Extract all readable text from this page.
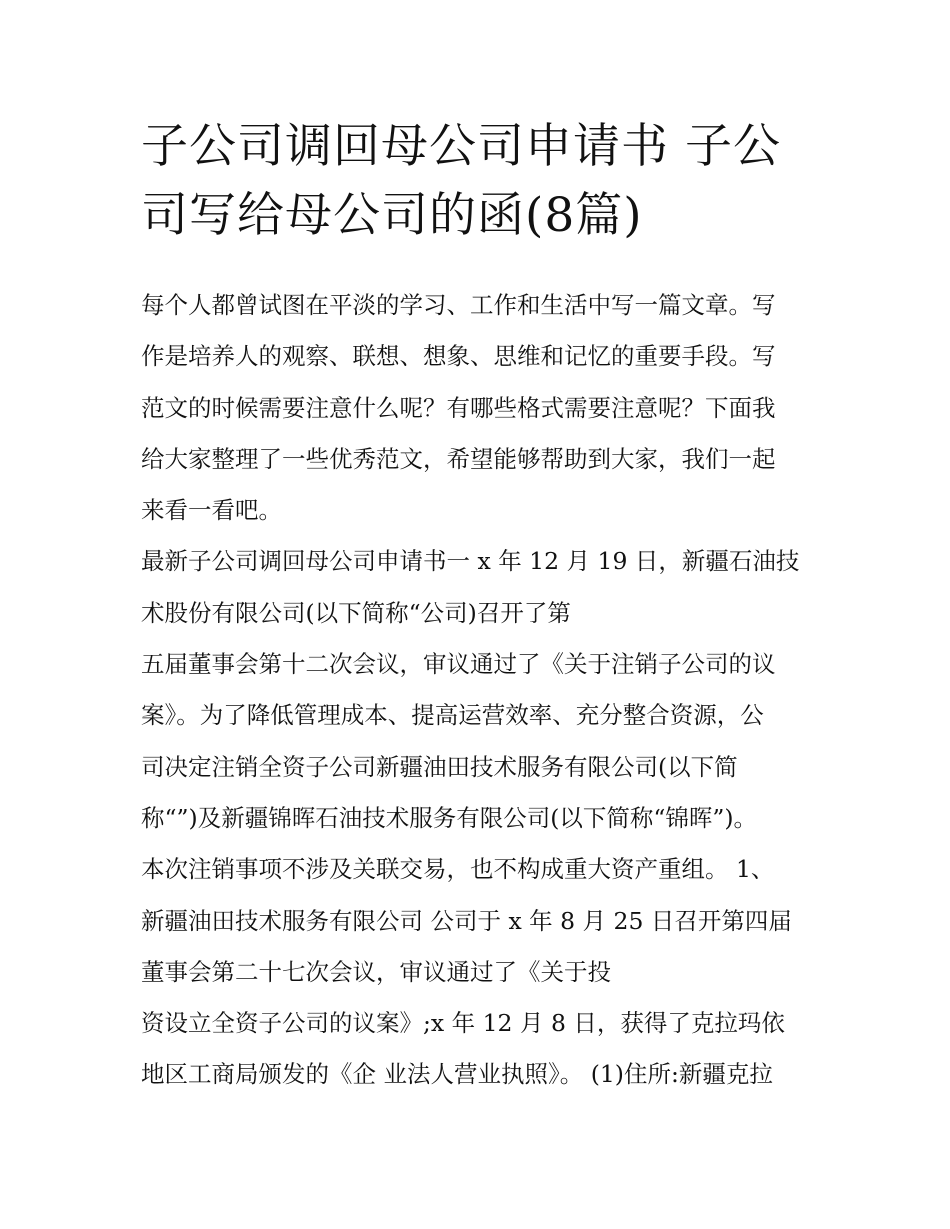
子公司调回母公司申请书 子公
司写给母公司的函(8篇)
每个人都曾试图在平淡的学习、工作和生活中写一篇文章。写
作是培养人的观察、联想、想象、思维和记忆的重要手段。写
范文的时候需要注意什么呢？有哪些格式需要注意呢？下面我
给大家整理了一些优秀范文，希望能够帮助到大家，我们一起
来看一看吧。
最新子公司调回母公司申请书一 x 年 12 月 19 日，新疆石油技
术股份有限公司(以下简称“公司)召开了第
五届董事会第十二次会议，审议通过了《关于注销子公司的议
案》。为了降低管理成本、提高运营效率、充分整合资源，公
司决定注销全资子公司新疆油田技术服务有限公司(以下简
称“”)及新疆锦晖石油技术服务有限公司(以下简称“锦晖”)。
本次注销事项不涉及关联交易，也不构成重大资产重组。 1、
新疆油田技术服务有限公司 公司于 x 年 8 月 25 日召开第四届
董事会第二十七次会议，审议通过了《关于投
资设立全资子公司的议案》;x 年 12 月 8 日，获得了克拉玛依
地区工商局颁发的《企 业法人营业执照》。 (1)住所:新疆克拉
